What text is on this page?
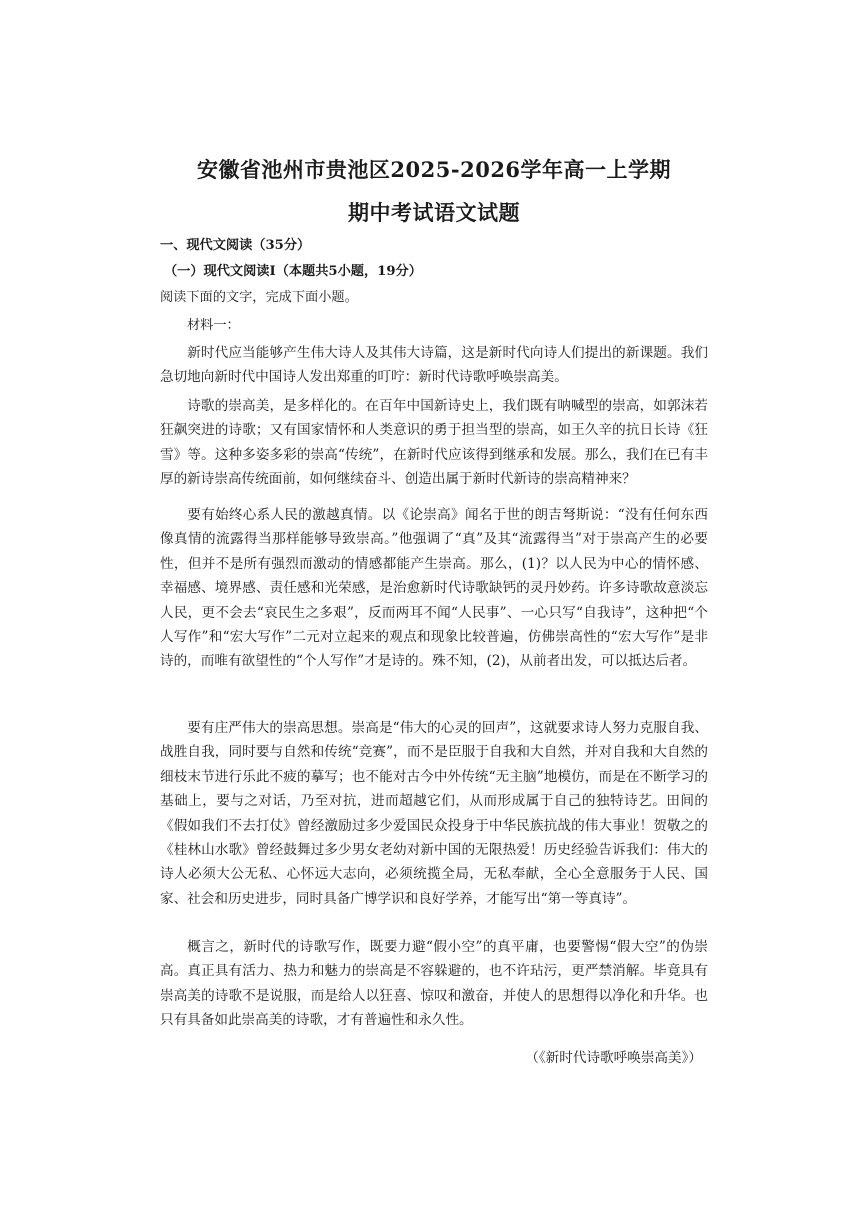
安徽省池州市贵池区2025-2026学年高一上学期
期中考试语文试题
一、现代文阅读（35分）
（一）现代文阅读Ⅰ（本题共5小题，19分）
阅读下面的文字，完成下面小题。
材料一：

新时代应当能够产生伟大诗人及其伟大诗篇，这是新时代向诗人们提出的新课题。我们急切地向新时代中国诗人发出郑重的叮咛：新时代诗歌呼唤崇高美。

诗歌的崇高美，是多样化的。在百年中国新诗史上，我们既有呐喊型的崇高，如郭沫若狂飙突进的诗歌；又有国家情怀和人类意识的勇于担当型的崇高，如王久辛的抗日长诗《狂雪》等。这种多姿多彩的崇高“传统”，在新时代应该得到继承和发展。那么，我们在已有丰厚的新诗崇高传统面前，如何继续奋斗、创造出属于新时代新诗的崇高精神来？

要有始终心系人民的激越真情。以《论崇高》闻名于世的朗吉弩斯说：“没有任何东西像真情的流露得当那样能够导致崇高。”他强调了“真”及其“流露得当”对于崇高产生的必要性，但并不是所有强烈而激动的情感都能产生崇高。那么，(1)？以人民为中心的情怀感、幸福感、境界感、责任感和光荣感，是治愈新时代诗歌缺钙的灵丹妙药。许多诗歌故意淡忘人民，更不会去“哀民生之多艰”，反而两耳不闻“人民事”、一心只写“自我诗”，这种把“个人写作”和“宏大写作”二元对立起来的观点和现象比较普遍，仿佛崇高性的“宏大写作”是非诗的，而唯有欲望性的“个人写作”才是诗的。殊不知，(2)，从前者出发，可以抵达后者。

要有庄严伟大的崇高思想。崇高是“伟大的心灵的回声”，这就要求诗人努力克服自我、战胜自我，同时要与自然和传统“竞赛”，而不是臣服于自我和大自然，并对自我和大自然的细枝末节进行乐此不疲的摹写；也不能对古今中外传统“无主脑”地模仿，而是在不断学习的基础上，要与之对话，乃至对抗，进而超越它们，从而形成属于自己的独特诗艺。田间的《假如我们不去打仗》曾经激励过多少爱国民众投身于中华民族抗战的伟大事业！贺敬之的《桂林山水歌》曾经鼓舞过多少男女老幼对新中国的无限热爱！历史经验告诉我们：伟大的诗人必须大公无私、心怀远大志向，必须统揽全局，无私奉献，全心全意服务于人民、国家、社会和历史进步，同时具备广博学识和良好学养，才能写出“第一等真诗”。

概言之，新时代的诗歌写作，既要力避“假小空”的真平庸，也要警惕“假大空”的伪崇高。真正具有活力、热力和魅力的崇高是不容躲避的，也不许玷污，更严禁消解。毕竟具有崇高美的诗歌不是说服，而是给人以狂喜、惊叹和激奋，并使人的思想得以净化和升华。也只有具备如此崇高美的诗歌，才有普遍性和永久性。

（《新时代诗歌呼唤崇高美》）
